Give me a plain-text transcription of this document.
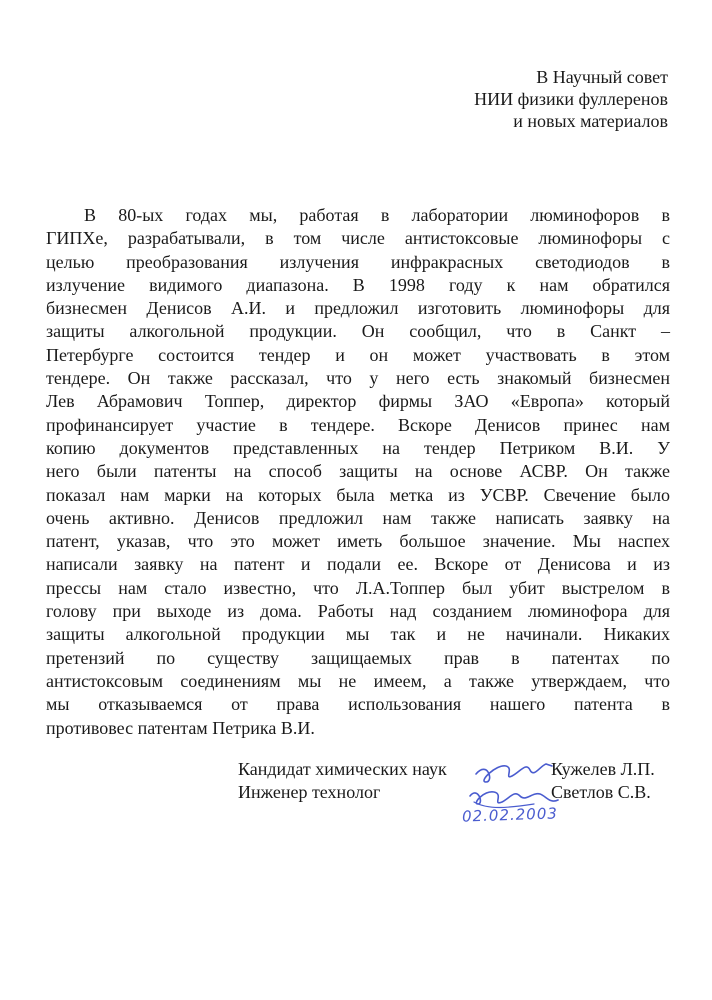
В Научный совет
НИИ физики фуллеренов
и новых материалов
В 80-ых годах мы, работая в лаборатории люминофоров в
ГИПХе, разрабатывали, в том числе антистоксовые люминофоры с
целью преобразования излучения инфракрасных светодиодов в
излучение видимого диапазона. В 1998 году к нам обратился
бизнесмен Денисов А.И. и предложил изготовить люминофоры для
защиты алкогольной продукции. Он сообщил, что в Санкт –
Петербурге состоится тендер и он может участвовать в этом
тендере. Он также рассказал, что у него есть знакомый бизнесмен
Лев Абрамович Топпер, директор фирмы ЗАО «Европа» который
профинансирует участие в тендере. Вскоре Денисов принес нам
копию документов представленных на тендер Петриком В.И. У
него были патенты на способ защиты на основе АСВР. Он также
показал нам марки на которых была метка из УСВР. Свечение было
очень активно. Денисов предложил нам также написать заявку на
патент, указав, что это может иметь большое значение. Мы наспех
написали заявку на патент и подали ее. Вскоре от Денисова и из
прессы нам стало известно, что Л.А.Топпер был убит выстрелом в
голову при выходе из дома. Работы над созданием люминофора для
защиты алкогольной продукции мы так и не начинали. Никаких
претензий по существу защищаемых прав в патентах по
антистоксовым соединениям мы не имеем, а также утверждаем, что
мы отказываемся от права использования нашего патента в
противовес патентам Петрика В.И.
Кандидат химических наук	Кужелев Л.П.
Инженер технолог	Светлов С.В.
02.02.2003
